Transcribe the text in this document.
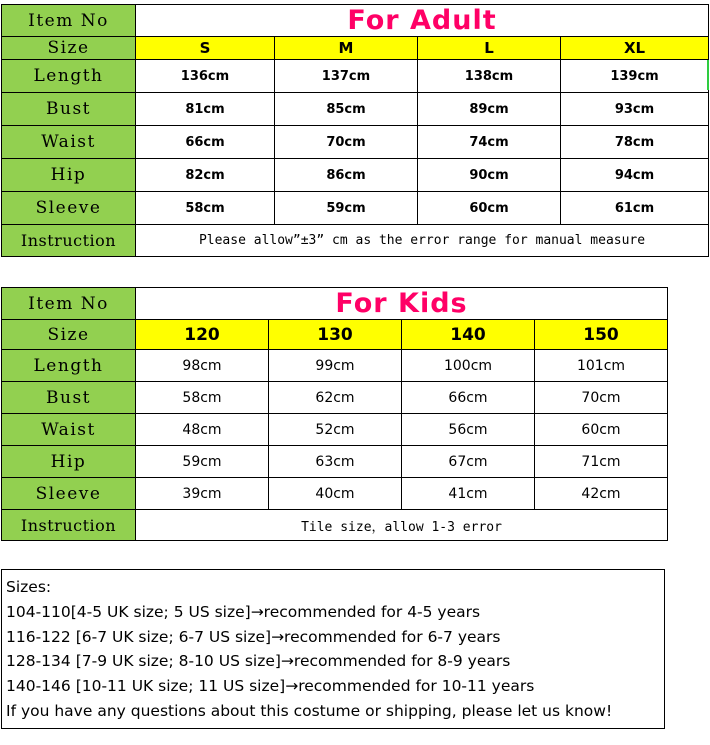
Item No	For Adult			
Size	S	M	L	XL
Length	136cm	137cm	138cm	139cm
Bust	81cm	85cm	89cm	93cm
Waist	66cm	70cm	74cm	78cm
Hip	82cm	86cm	90cm	94cm
Sleeve	58cm	59cm	60cm	61cm
Instruction	Please allow”±3” cm as the error range for manual measure			
Item No	For Kids			
Size	120	130	140	150
Length	98cm	99cm	100cm	101cm
Bust	58cm	62cm	66cm	70cm
Waist	48cm	52cm	56cm	60cm
Hip	59cm	63cm	67cm	71cm
Sleeve	39cm	40cm	41cm	42cm
Instruction	Tile size，allow 1-3 error			
Sizes:
104-110[4-5 UK size; 5 US size]→recommended for 4-5 years
116-122 [6-7 UK size; 6-7 US size]→recommended for 6-7 years
128-134 [7-9 UK size; 8-10 US size]→recommended for 8-9 years
140-146 [10-11 UK size; 11 US size]→recommended for 10-11 years
If you have any questions about this costume or shipping, please let us know!
